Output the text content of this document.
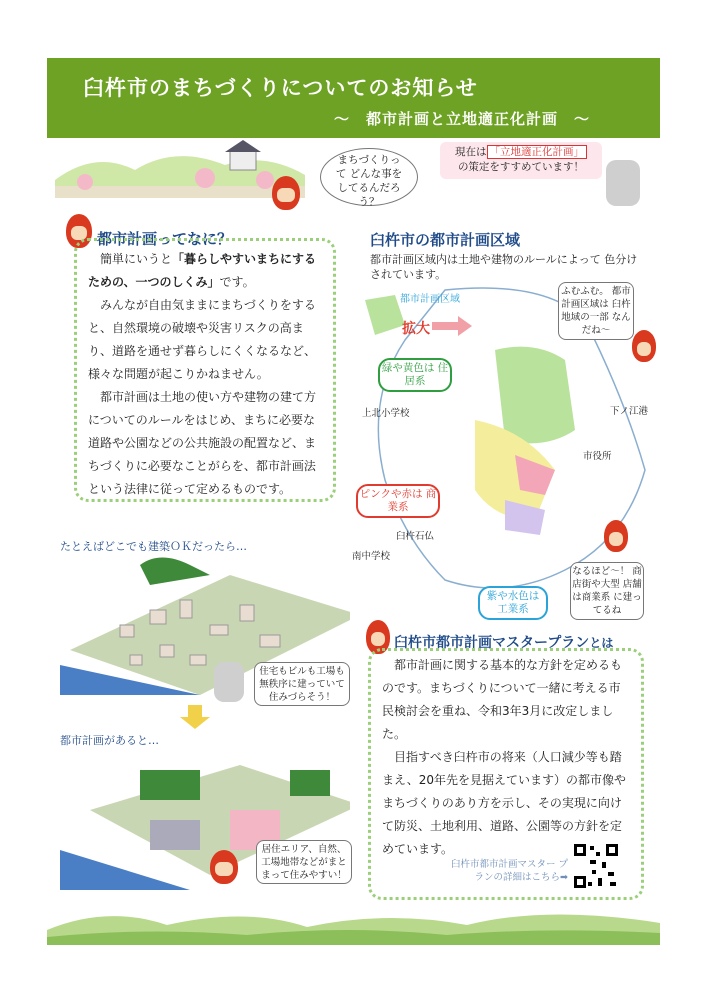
臼杵市のまちづくりについてのお知らせ
～　都市計画と立地適正化計画　～
まちづくりって どんな事を してるんだろう？
現在は 「立地適正化計画」
の策定をすすめています！
都市計画ってなに？

簡単にいうと「暮らしやすいまちにするための、一つのしくみ」です。

みんなが自由気ままにまちづくりをすると、自然環境の破壊や災害リスクの高まり、道路を通せず暮らしにくくなるなど、様々な問題が起こりかねません。

都市計画は土地の使い方や建物の建て方についてのルールをはじめ、まちに必要な道路や公園などの公共施設の配置など、まちづくりに必要なことがらを、都市計画法という法律に従って定めるものです。

たとえばどこでも建築ＯＫだったら…
住宅もビルも工場も 無秩序に建っていて 住みづらそう！
都市計画があると…
居住エリア、自然、 工場地帯などがまと まって住みやすい！
臼杵市の都市計画区域
都市計画区域内は土地や建物のルールによって 色分けされています。
都市計画区域
拡大
緑や黄色は 住居系
ピンクや赤は 商業系
紫や水色は 工業系
上北小学校	下ノ江港
市役所
臼杵石仏
南中学校
ふむふむ。 都市計画区域は 臼杵地域の一部 なんだね～
なるほど～！ 商店街や大型 店舗は商業系 に建ってるね
臼杵市都市計画マスタープランとは

都市計画に関する基本的な方針を定めるものです。まちづくりについて一緒に考える市民検討会を重ね、令和3年3月に改定しました。

目指すべき臼杵市の将来（人口減少等も踏まえ、20年先を見据えています）の都市像やまちづくりのあり方を示し、その実現に向けて防災、土地利用、道路、公園等の方針を定めています。

臼杵市都市計画マスター プランの詳細はこちら➡
